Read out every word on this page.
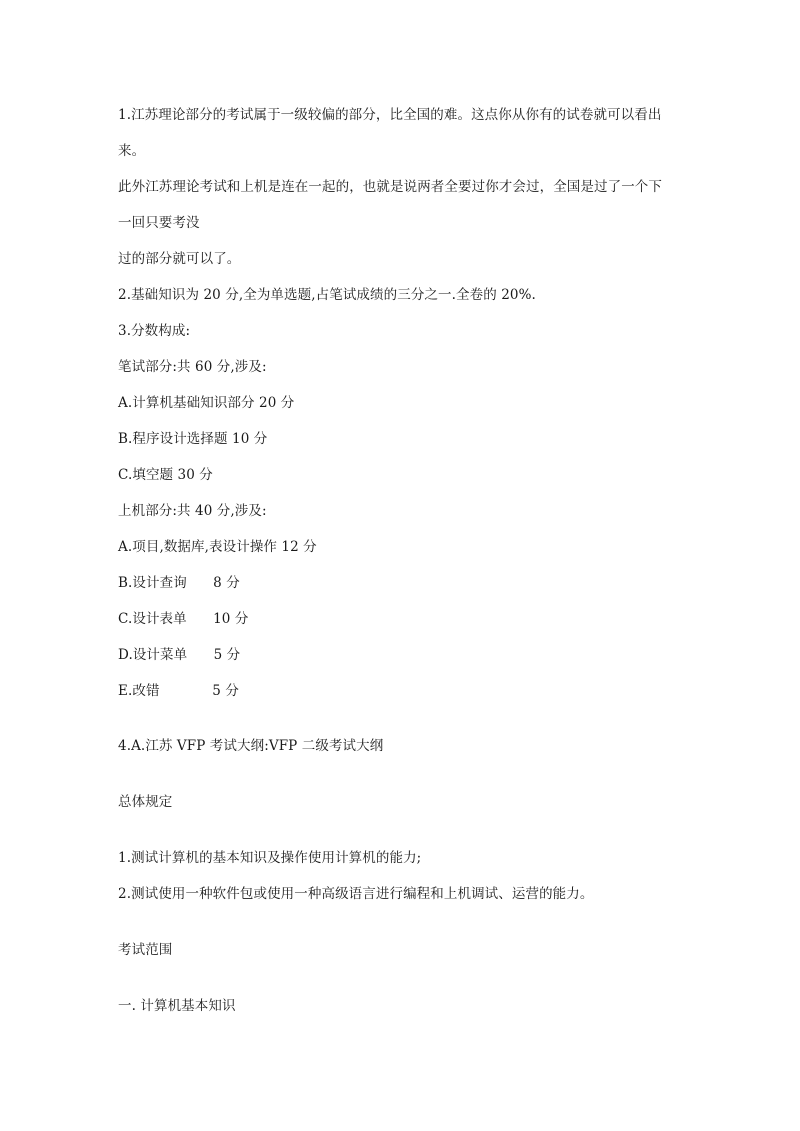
1.江苏理论部分的考试属于一级较偏的部分，比全国的难。这点你从你有的试卷就可以看出
来。
此外江苏理论考试和上机是连在一起的，也就是说两者全要过你才会过，全国是过了一个下
一回只要考没
过的部分就可以了。
2.基础知识为 20 分,全为单选题,占笔试成绩的三分之一.全卷的 20%.
3.分数构成:
笔试部分:共 60 分,涉及:
A.计算机基础知识部分 20 分
B.程序设计选择题 10 分
C.填空题 30 分
上机部分:共 40 分,涉及:
A.项目,数据库,表设计操作 12 分
B.设计查询      8 分
C.设计表单      10 分
D.设计菜单      5 分
E.改错            5 分
4.A.江苏 VFP 考试大纲:VFP 二级考试大纲
总体规定
1.测试计算机的基本知识及操作使用计算机的能力;
2.测试使用一种软件包或使用一种高级语言进行编程和上机调试、运营的能力。
考试范围
一. 计算机基本知识
